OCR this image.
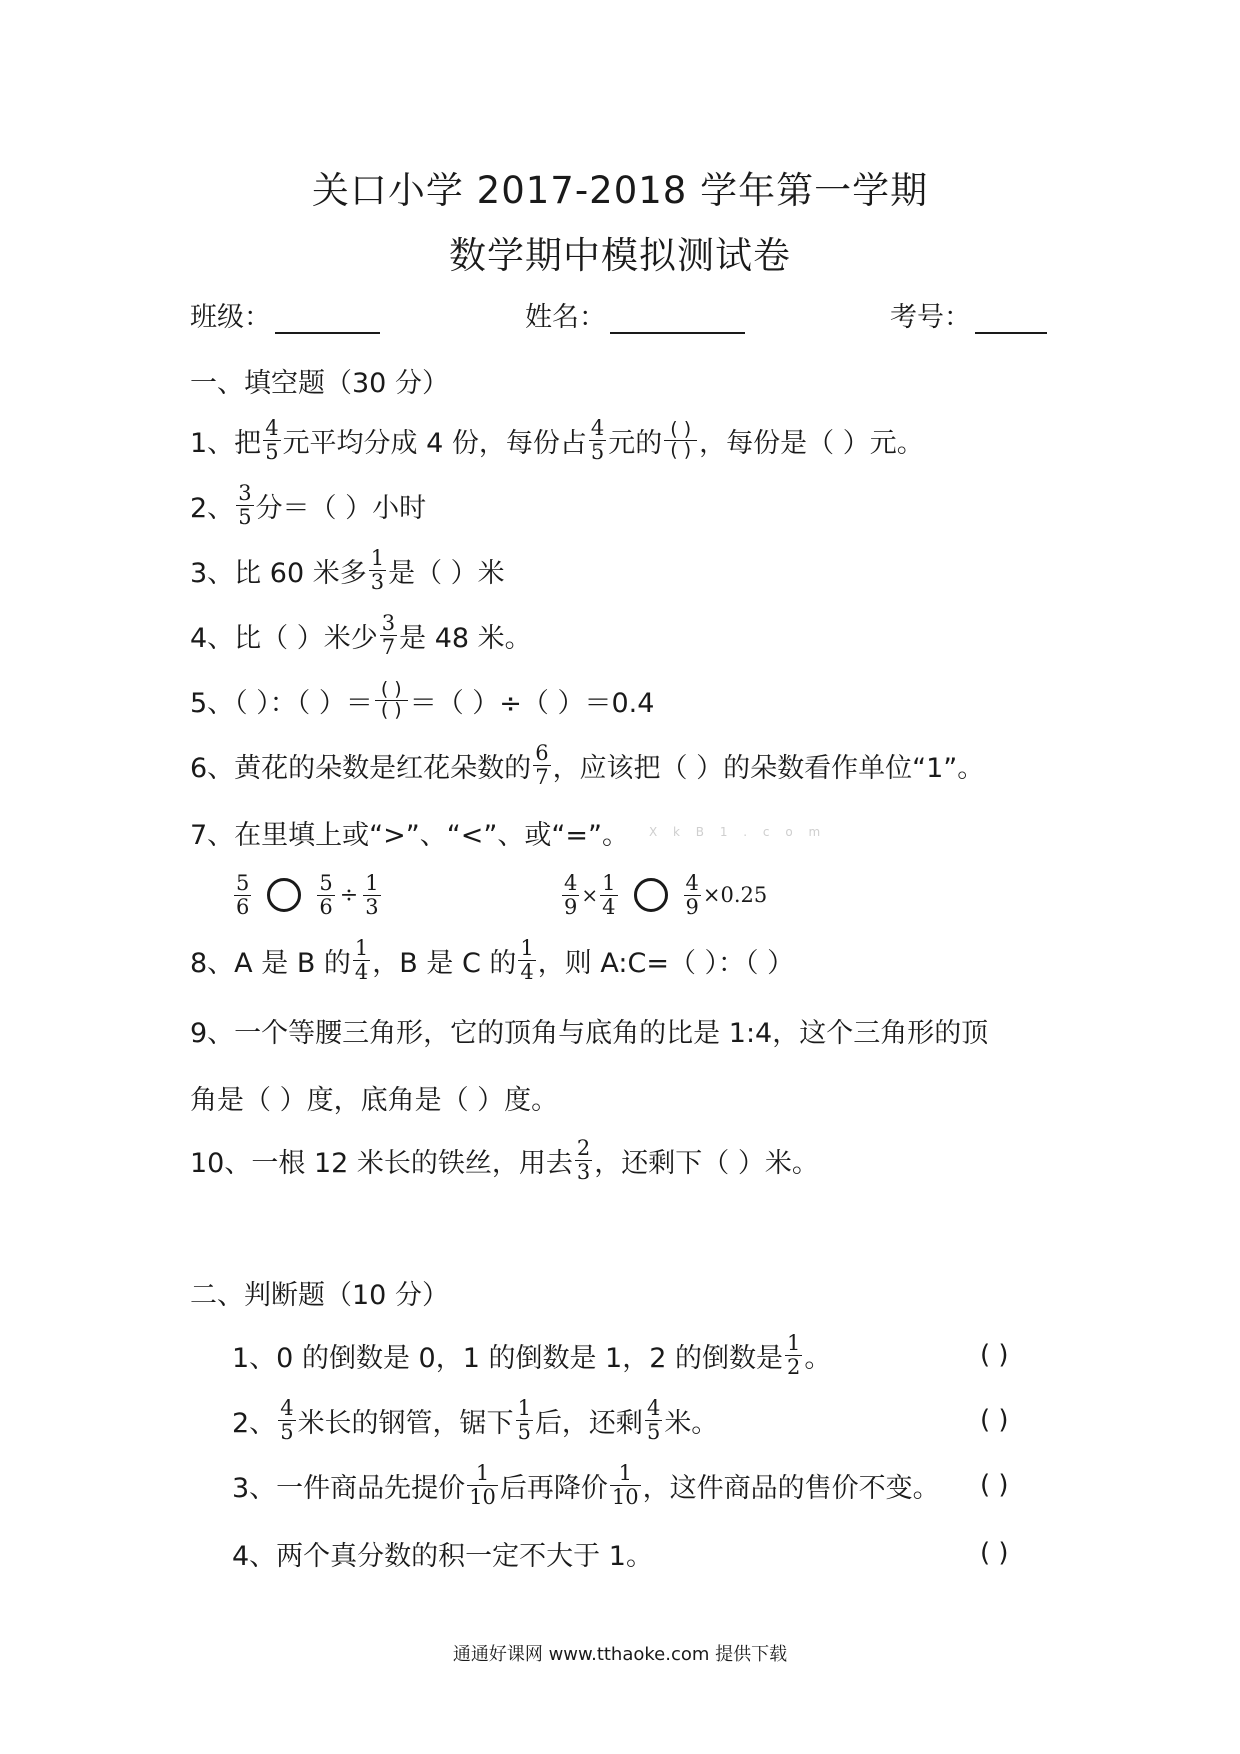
关口小学 2017-2018 学年第一学期
数学期中模拟测试卷
班级：	姓名：	考号：
一、填空题（30 分）
1、把 $\frac{4}{5}$ 元平均分成 4 份，每份占 $\frac{4}{5}$ 元的 $\frac{( )}{( )}$ ，每份是（ ）元。
2、 $\frac{3}{5}$ 分＝（ ）小时
3、比 60 米多 $\frac{1}{3}$ 是（ ）米
4、比（ ）米少 $\frac{3}{7}$ 是 48 米。
5、（ ）：（ ）＝ $\frac{( )}{( )}$ ＝（ ）÷（ ）＝0.4
6、黄花的朵数是红花朵数的 $\frac{6}{7}$ ，应该把（ ）的朵数看作单位“1”。
7、在里填上或“>”、“<”、或“=”。 X k B 1 . c o m
$\frac{5}{6}$	$\frac{5}{6} \div \frac{1}{3}$	$\frac{4}{9} \times \frac{1}{4}$	$\frac{4}{9} \times 0.25$
8、A 是 B 的 $\frac{1}{4}$ ，B 是 C 的 $\frac{1}{4}$ ，则 A:C=（ ）：（ ）
9、一个等腰三角形，它的顶角与底角的比是 1:4，这个三角形的顶
角是（ ）度，底角是（ ）度。
10、一根 12 米长的铁丝，用去 $\frac{2}{3}$ ，还剩下（ ）米。
二、判断题（10 分）
1、0 的倒数是 0，1 的倒数是 1，2 的倒数是 $\frac{1}{2}$ 。	( )
2、 $\frac{4}{5}$ 米长的钢管，锯下 $\frac{1}{5}$ 后，还剩 $\frac{4}{5}$ 米。	( )
3、一件商品先提价 $\frac{1}{10}$ 后再降价 $\frac{1}{10}$ ，这件商品的售价不变。 ( )
4、两个真分数的积一定不大于 1。	( )
通通好课网 www.tthaoke.com 提供下载
